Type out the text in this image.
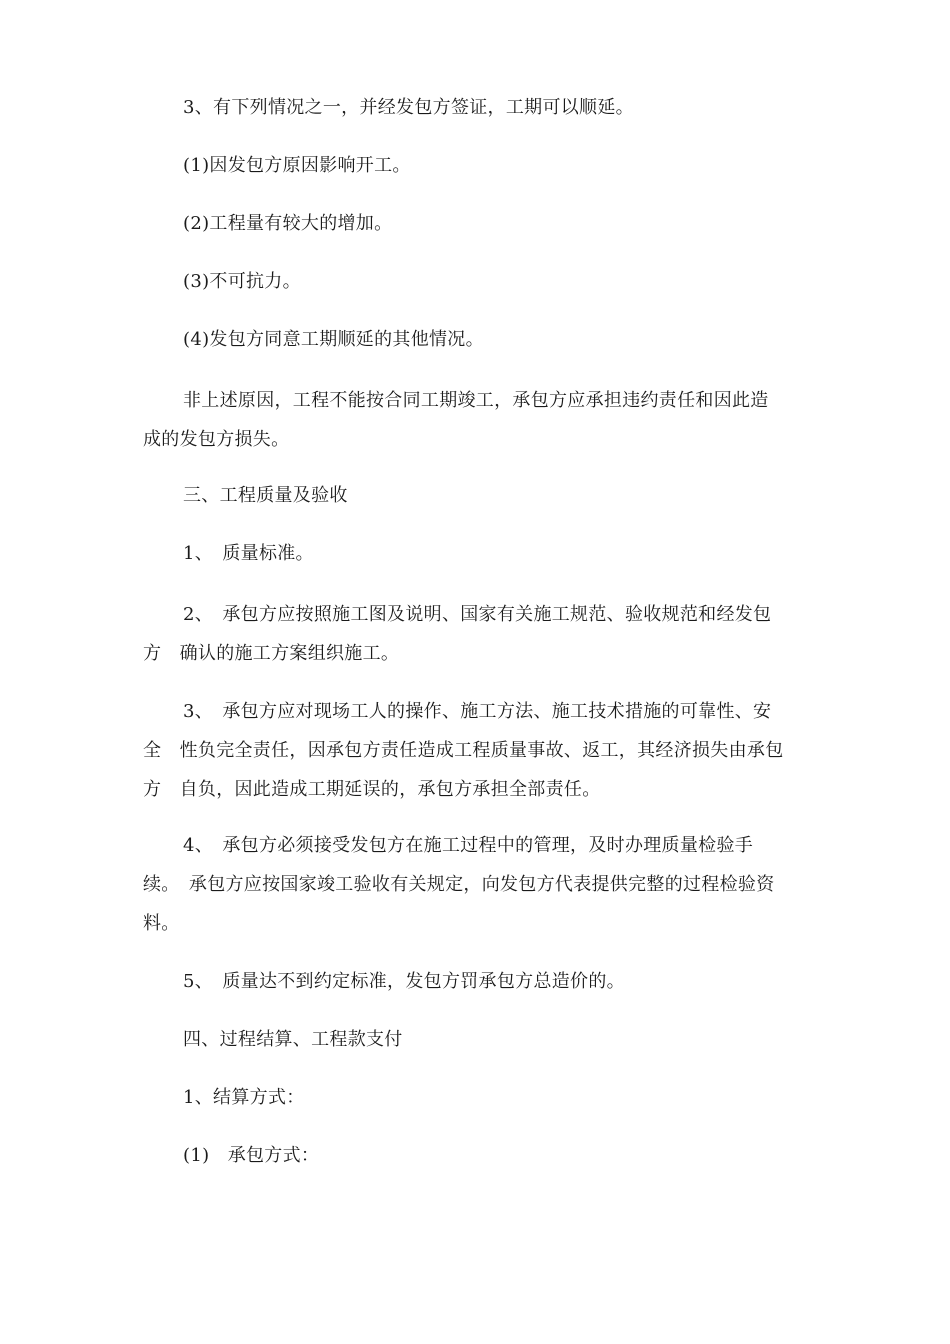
3、有下列情况之一，并经发包方签证，工期可以顺延。

(1)因发包方原因影响开工。

(2)工程量有较大的增加。

(3)不可抗力。

(4)发包方同意工期顺延的其他情况。

非上述原因，工程不能按合同工期竣工，承包方应承担违约责任和因此造
成的发包方损失。

三、工程质量及验收

1、　质量标准。

2、　承包方应按照施工图及说明、国家有关施工规范、验收规范和经发包
方　确认的施工方案组织施工。

3、　承包方应对现场工人的操作、施工方法、施工技术措施的可靠性、安
全　性负完全责任，因承包方责任造成工程质量事故、返工，其经济损失由承包
方　自负，因此造成工期延误的，承包方承担全部责任。

4、　承包方必须接受发包方在施工过程中的管理，及时办理质量检验手
续。　承包方应按国家竣工验收有关规定，向发包方代表提供完整的过程检验资
料。

5、　质量达不到约定标准，发包方罚承包方总造价的。

四、过程结算、工程款支付

1、结算方式：

(1)　承包方式：
